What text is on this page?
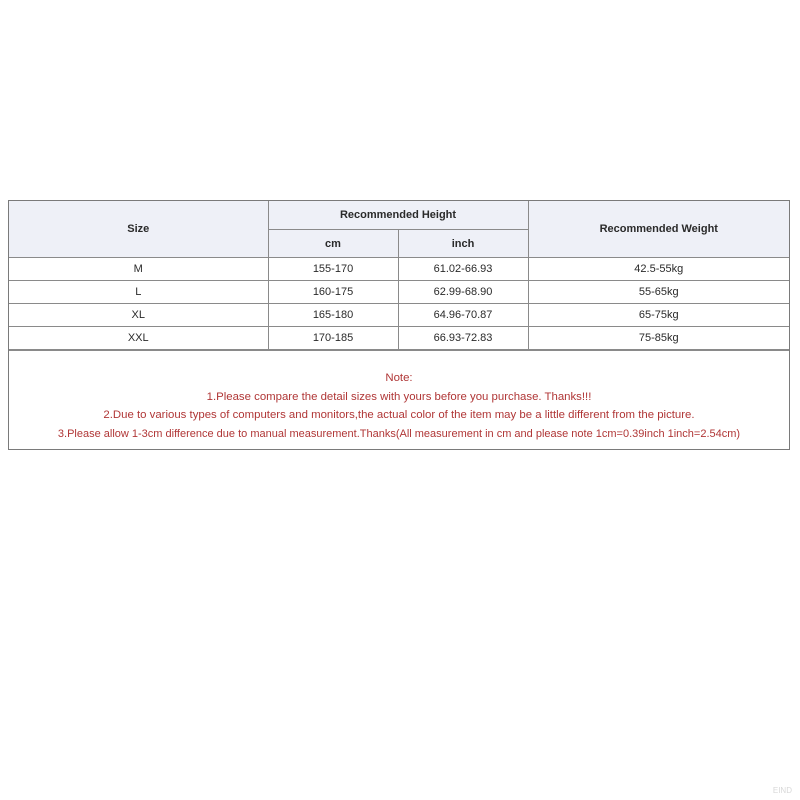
Size	Recommended Height		Recommended Weight
	cm	inch	
M	155-170	61.02-66.93	42.5-55kg
L	160-175	62.99-68.90	55-65kg
XL	165-180	64.96-70.87	65-75kg
XXL	170-185	66.93-72.83	75-85kg
Note:
1.Please compare the detail sizes with yours before you purchase. Thanks!!!
2.Due to various types of computers and monitors,the actual color of the item may be a little different from the picture.
3.Please allow 1-3cm difference due to manual measurement.Thanks(All measurement in cm and please note 1cm=0.39inch 1inch=2.54cm)
EIND
